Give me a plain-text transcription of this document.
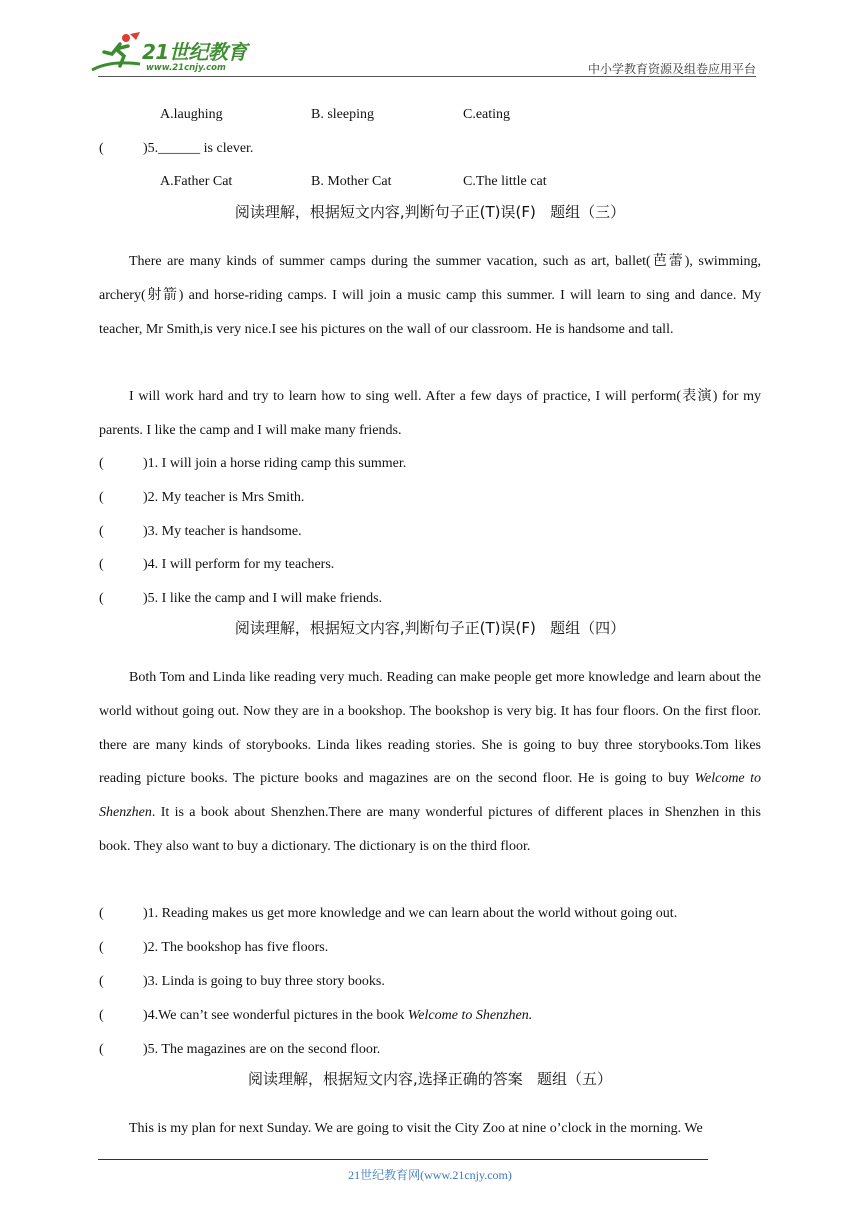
21世纪教育
www.21cnjy.com	中小学教育资源及组卷应用平台
A.laughing	B. sleeping	C.eating
(	)5.______ is clever.
A.Father Cat	B. Mother Cat	C.The little cat
阅读理解，根据短文内容,判断句子正(T)误(F)   题组（三）
There are many kinds of summer camps during the summer vacation, such as art, ballet(芭蕾), swimming, archery(射箭) and horse-riding camps. I will join a music camp this summer. I will learn to sing and dance. My teacher, Mr Smith,is very nice.I see his pictures on the wall of our classroom. He is handsome and tall.
I will work hard and try to learn how to sing well. After a few days of practice, I will perform(表演) for my parents. I like the camp and I will make many friends.
(	)1. I will join a horse riding camp this summer.
(	)2. My teacher is Mrs Smith.
(	)3. My teacher is handsome.
(	)4. I will perform for my teachers.
(	)5. I like the camp and I will make friends.
阅读理解，根据短文内容,判断句子正(T)误(F)   题组（四）
Both Tom and Linda like reading very much. Reading can make people get more knowledge and learn about the world without going out. Now they are in a bookshop. The bookshop is very big. It has four floors. On the first floor. there are many kinds of storybooks. Linda likes reading stories. She is going to buy three storybooks.Tom likes reading picture books. The picture books and magazines are on the second floor. He is going to buy Welcome to Shenzhen. It is a book about Shenzhen.There are many wonderful pictures of different places in Shenzhen in this book. They also want to buy a dictionary. The dictionary is on the third floor.
(	)1. Reading makes us get more knowledge and we can learn about the world without going out.
(	)2. The bookshop has five floors.
(	)3. Linda is going to buy three story books.
(	)4.We can’t see wonderful pictures in the book Welcome to Shenzhen.
(	)5. The magazines are on the second floor.
阅读理解，根据短文内容,选择正确的答案   题组（五）
This is my plan for next Sunday. We are going to visit the City Zoo at nine o’clock in the morning. We
21世纪教育网(www.21cnjy.com)
